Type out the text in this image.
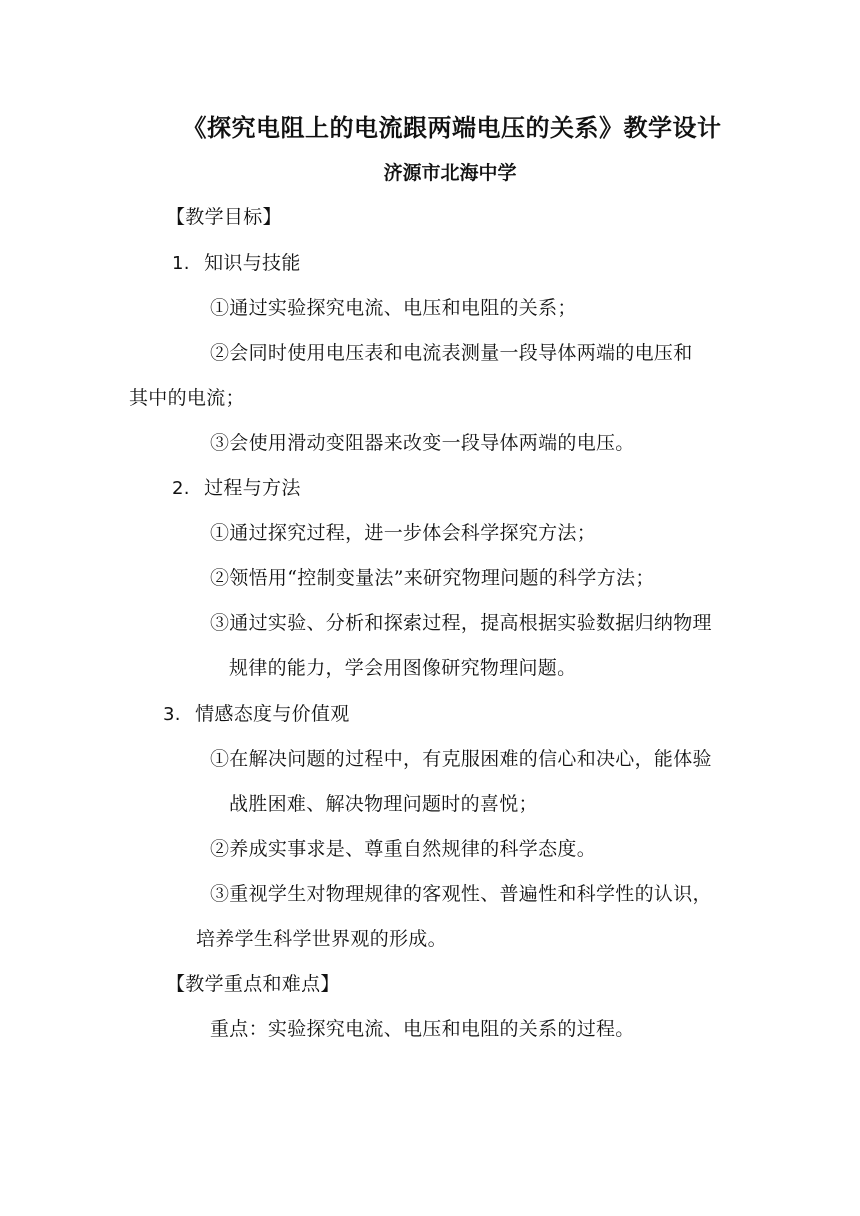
《探究电阻上的电流跟两端电压的关系》教学设计
济源市北海中学
【教学目标】
1. 知识与技能
①通过实验探究电流、电压和电阻的关系；
②会同时使用电压表和电流表测量一段导体两端的电压和
其中的电流；
③会使用滑动变阻器来改变一段导体两端的电压。
2. 过程与方法
①通过探究过程，进一步体会科学探究方法；
②领悟用“控制变量法”来研究物理问题的科学方法；
③通过实验、分析和探索过程，提高根据实验数据归纳物理
规律的能力，学会用图像研究物理问题。
3. 情感态度与价值观
①在解决问题的过程中，有克服困难的信心和决心，能体验
战胜困难、解决物理问题时的喜悦；
②养成实事求是、尊重自然规律的科学态度。
③重视学生对物理规律的客观性、普遍性和科学性的认识，
培养学生科学世界观的形成。
【教学重点和难点】
重点：实验探究电流、电压和电阻的关系的过程。
